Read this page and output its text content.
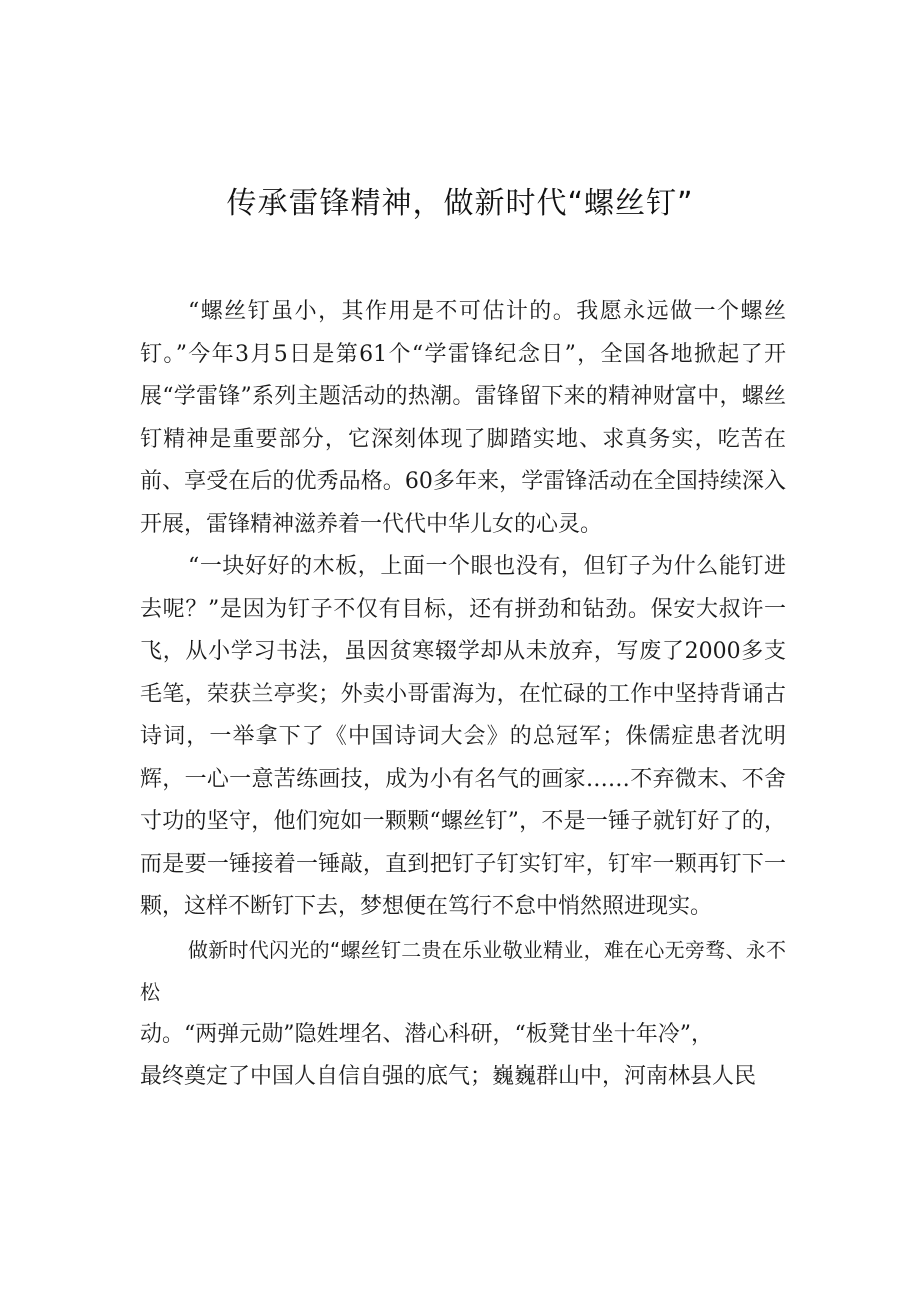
传承雷锋精神，做新时代“螺丝钉”

“螺丝钉虽小，其作用是不可估计的。我愿永远做一个螺丝钉。”今年3月5日是第61个“学雷锋纪念日”，全国各地掀起了开展“学雷锋”系列主题活动的热潮。雷锋留下来的精神财富中，螺丝钉精神是重要部分，它深刻体现了脚踏实地、求真务实，吃苦在前、享受在后的优秀品格。60多年来，学雷锋活动在全国持续深入开展，雷锋精神滋养着一代代中华儿女的心灵。

“一块好好的木板，上面一个眼也没有，但钉子为什么能钉进去呢？”是因为钉子不仅有目标，还有拼劲和钻劲。保安大叔许一飞，从小学习书法，虽因贫寒辍学却从未放弃，写废了2000多支毛笔，荣获兰亭奖；外卖小哥雷海为，在忙碌的工作中坚持背诵古诗词，一举拿下了《中国诗词大会》的总冠军；侏儒症患者沈明辉，一心一意苦练画技，成为小有名气的画家……不弃微末、不舍寸功的坚守，他们宛如一颗颗“螺丝钉”，不是一锤子就钉好了的，而是要一锤接着一锤敲，直到把钉子钉实钉牢，钉牢一颗再钉下一颗，这样不断钉下去，梦想便在笃行不怠中悄然照进现实。

做新时代闪光的“螺丝钉二贵在乐业敬业精业，难在心无旁骛、永不松
动。“两弹元勋”隐姓埋名、潜心科研，“板凳甘坐十年冷”，
最终奠定了中国人自信自强的底气；巍巍群山中，河南林县人民
